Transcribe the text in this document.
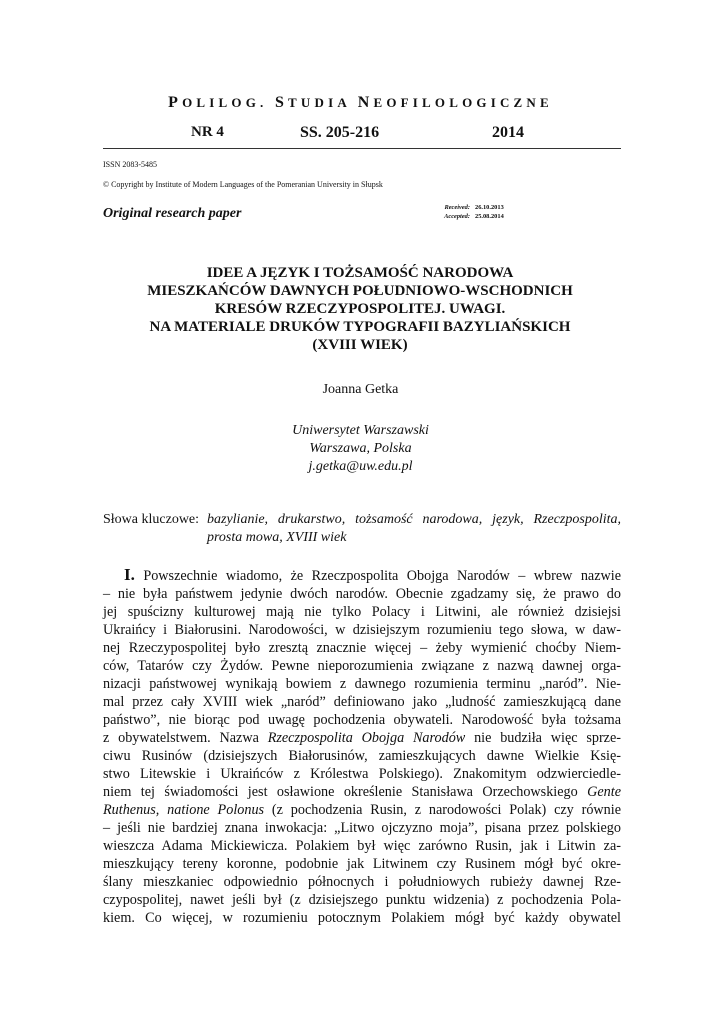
POLILOG. STUDIA NEOFILOLOGICZNE
NR 4	SS. 205-216	2014
ISSN 2083-5485
© Copyright by Institute of Modern Languages of the Pomeranian University in Słupsk
Original research paper	Received: 26.10.2013
Accepted: 25.08.2014
IDEE A JĘZYK I TOŻSAMOŚĆ NARODOWA
MIESZKAŃCÓW DAWNYCH POŁUDNIOWO-WSCHODNICH
KRESÓW RZECZYPOSPOLITEJ. UWAGI.
NA MATERIALE DRUKÓW TYPOGRAFII BAZYLIAŃSKICH
(XVIII WIEK)
Joanna Getka
Uniwersytet Warszawski
Warszawa, Polska
j.getka@uw.edu.pl
Słowa kluczowe: bazylianie, drukarstwo, tożsamość narodowa, język, Rzeczpospolita,
prosta mowa, XVIII wiek
I. Powszechnie wiadomo, że Rzeczpospolita Obojga Narodów – wbrew nazwie
– nie była państwem jedynie dwóch narodów. Obecnie zgadzamy się, że prawo do
jej spuścizny kulturowej mają nie tylko Polacy i Litwini, ale również dzisiejsi
Ukraińcy i Białorusini. Narodowości, w dzisiejszym rozumieniu tego słowa, w daw-
nej Rzeczypospolitej było zresztą znacznie więcej – żeby wymienić choćby Niem-
ców, Tatarów czy Żydów. Pewne nieporozumienia związane z nazwą dawnej orga-
nizacji państwowej wynikają bowiem z dawnego rozumienia terminu „naród”. Nie-
mal przez cały XVIII wiek „naród” definiowano jako „ludność zamieszkującą dane
państwo”, nie biorąc pod uwagę pochodzenia obywateli. Narodowość była tożsama
z obywatelstwem. Nazwa Rzeczpospolita Obojga Narodów nie budziła więc sprze-
ciwu Rusinów (dzisiejszych Białorusinów, zamieszkujących dawne Wielkie Księ-
stwo Litewskie i Ukraińców z Królestwa Polskiego). Znakomitym odzwierciedle-
niem tej świadomości jest osławione określenie Stanisława Orzechowskiego Gente
Ruthenus, natione Polonus (z pochodzenia Rusin, z narodowości Polak) czy równie
– jeśli nie bardziej znana inwokacja: „Litwo ojczyzno moja”, pisana przez polskiego
wieszcza Adama Mickiewicza. Polakiem był więc zarówno Rusin, jak i Litwin za-
mieszkujący tereny koronne, podobnie jak Litwinem czy Rusinem mógł być okre-
ślany mieszkaniec odpowiednio północnych i południowych rubieży dawnej Rze-
czypospolitej, nawet jeśli był (z dzisiejszego punktu widzenia) z pochodzenia Pola-
kiem. Co więcej, w rozumieniu potocznym Polakiem mógł być każdy obywatel
